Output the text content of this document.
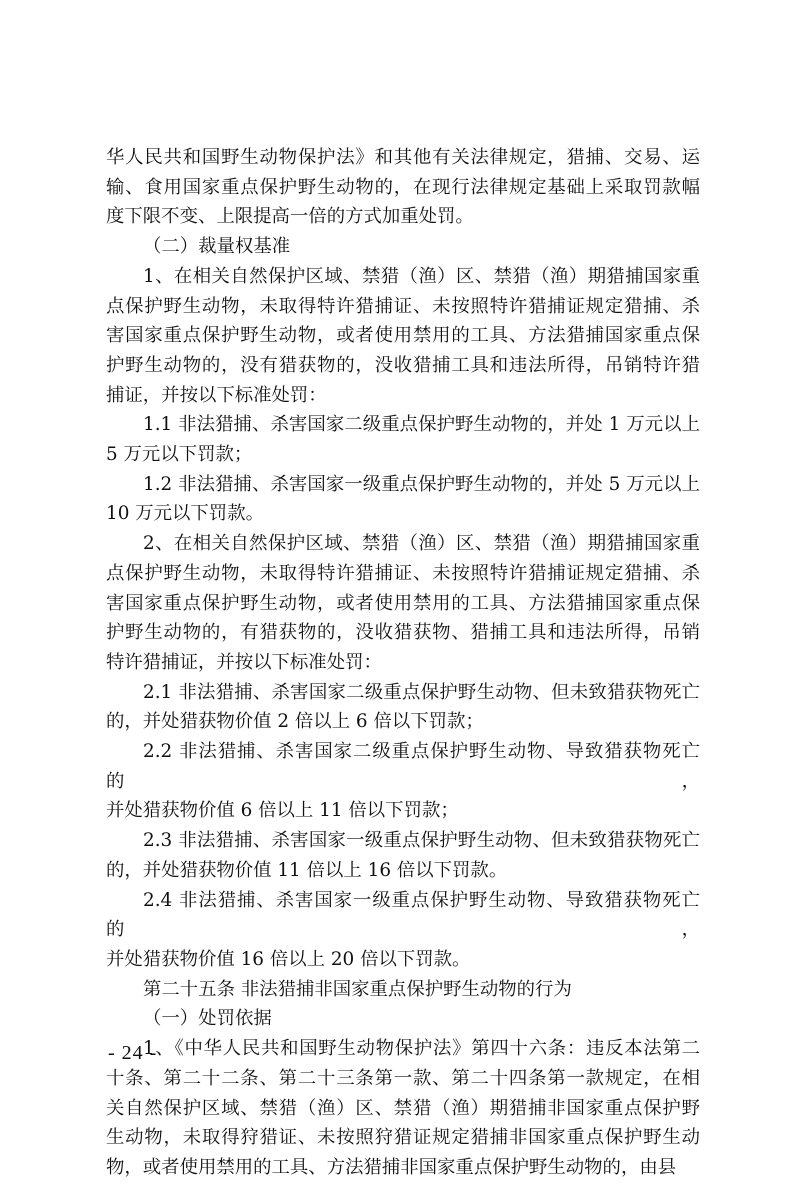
华人民共和国野生动物保护法》和其他有关法律规定，猎捕、交易、运

输、食用国家重点保护野生动物的，在现行法律规定基础上采取罚款幅

度下限不变、上限提高一倍的方式加重处罚。

（二）裁量权基准

1、在相关自然保护区域、禁猎（渔）区、禁猎（渔）期猎捕国家重

点保护野生动物，未取得特许猎捕证、未按照特许猎捕证规定猎捕、杀

害国家重点保护野生动物，或者使用禁用的工具、方法猎捕国家重点保

护野生动物的，没有猎获物的，没收猎捕工具和违法所得，吊销特许猎

捕证，并按以下标准处罚：

1.1 非法猎捕、杀害国家二级重点保护野生动物的，并处 1 万元以上

5 万元以下罚款；

1.2 非法猎捕、杀害国家一级重点保护野生动物的，并处 5 万元以上

10 万元以下罚款。

2、在相关自然保护区域、禁猎（渔）区、禁猎（渔）期猎捕国家重

点保护野生动物，未取得特许猎捕证、未按照特许猎捕证规定猎捕、杀

害国家重点保护野生动物，或者使用禁用的工具、方法猎捕国家重点保

护野生动物的，有猎获物的，没收猎获物、猎捕工具和违法所得，吊销

特许猎捕证，并按以下标准处罚：

2.1 非法猎捕、杀害国家二级重点保护野生动物、但未致猎获物死亡

的，并处猎获物价值 2 倍以上 6 倍以下罚款；

2.2 非法猎捕、杀害国家二级重点保护野生动物、导致猎获物死亡的，

并处猎获物价值 6 倍以上 11 倍以下罚款；

2.3 非法猎捕、杀害国家一级重点保护野生动物、但未致猎获物死亡

的，并处猎获物价值 11 倍以上 16 倍以下罚款。

2.4 非法猎捕、杀害国家一级重点保护野生动物、导致猎获物死亡的，

并处猎获物价值 16 倍以上 20 倍以下罚款。

第二十五条 非法猎捕非国家重点保护野生动物的行为

（一）处罚依据

1、《中华人民共和国野生动物保护法》第四十六条：违反本法第二

十条、第二十二条、第二十三条第一款、第二十四条第一款规定，在相

关自然保护区域、禁猎（渔）区、禁猎（渔）期猎捕非国家重点保护野

生动物，未取得狩猎证、未按照狩猎证规定猎捕非国家重点保护野生动

物，或者使用禁用的工具、方法猎捕非国家重点保护野生动物的，由县

- 24 -
